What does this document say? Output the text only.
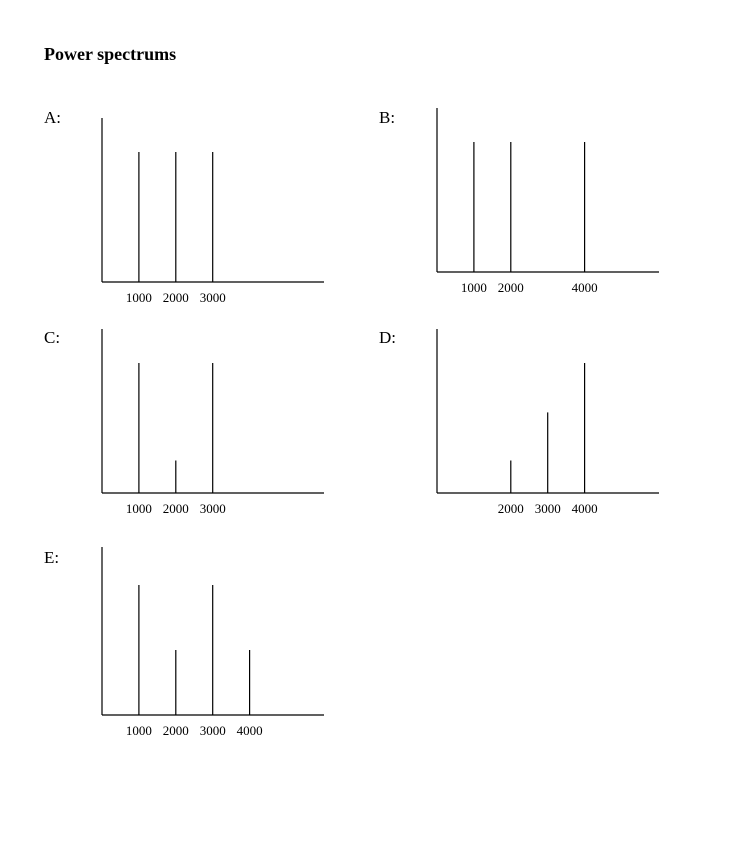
Power spectrums
A:	B:
C:	D:
E:
1000 2000 3000
1000 2000	4000
1000 2000 3000	2000 3000 4000
1000 2000 3000 4000
